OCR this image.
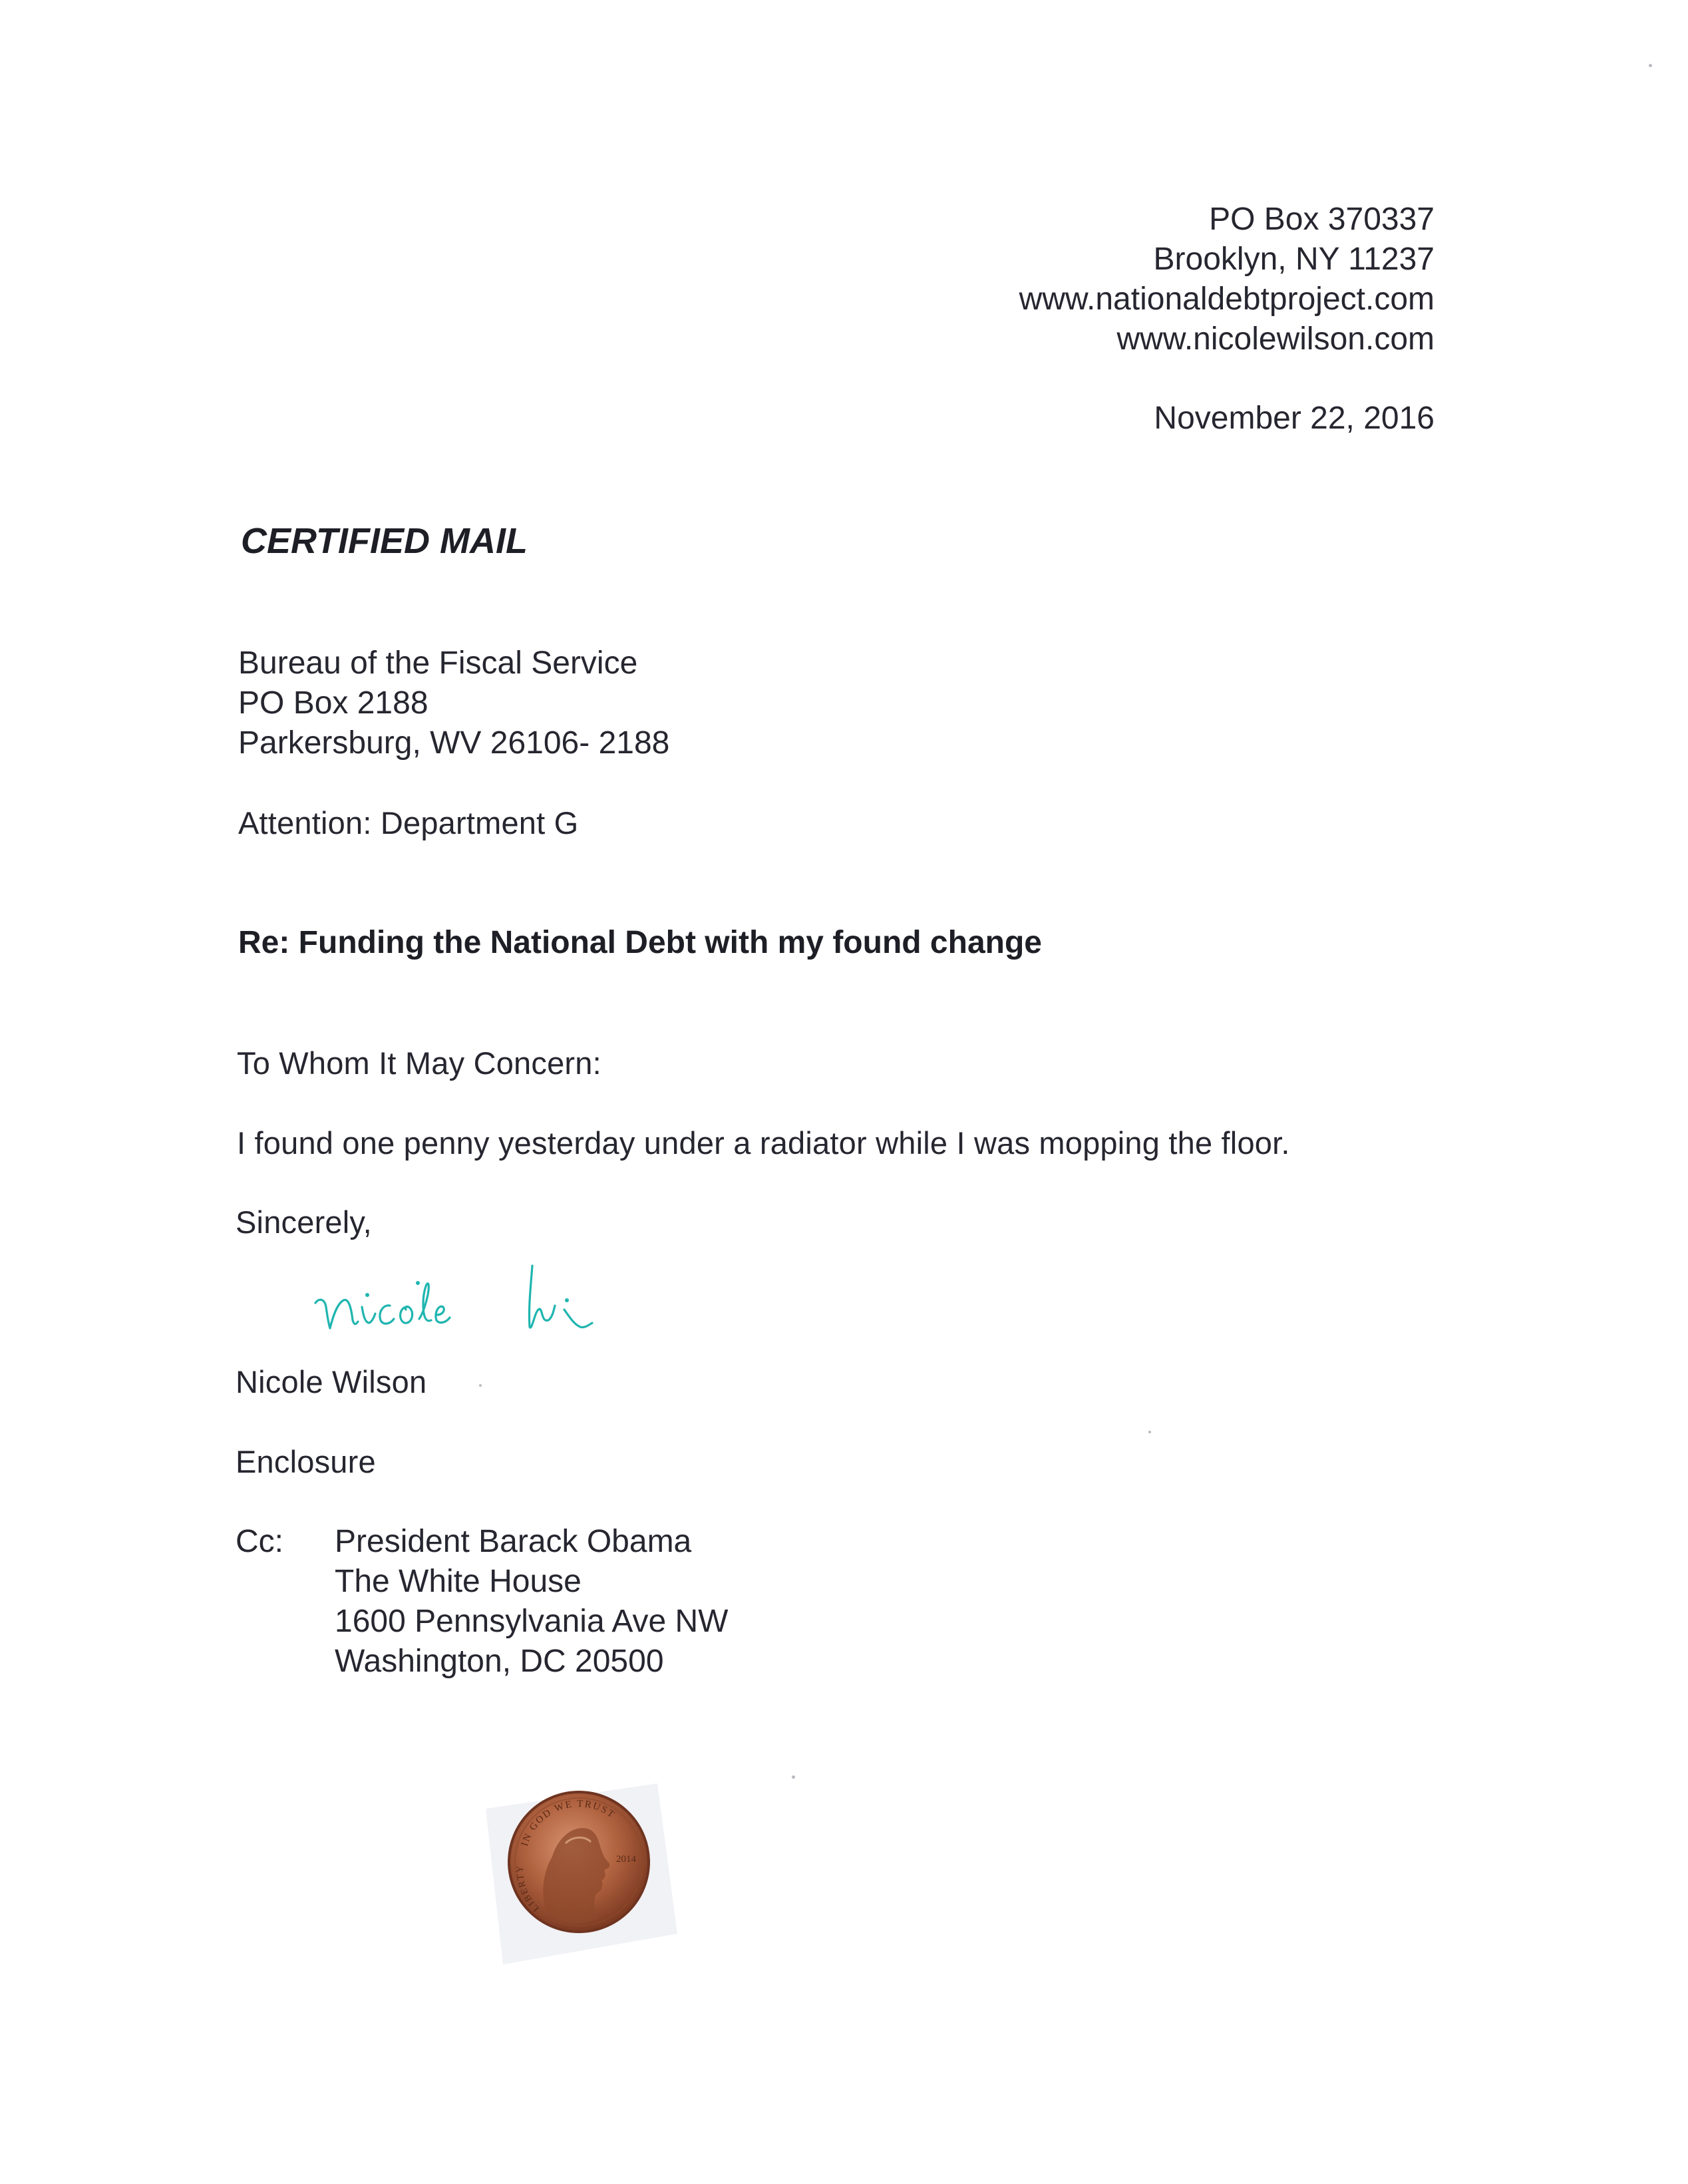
PO Box 370337
Brooklyn, NY 11237
www.nationaldebtproject.com
www.nicolewilson.com
November 22, 2016
CERTIFIED MAIL
Bureau of the Fiscal Service
PO Box 2188
Parkersburg, WV 26106- 2188
Attention: Department G
Re: Funding the National Debt with my found change
To Whom It May Concern:
I found one penny yesterday under a radiator while I was mopping the floor.
Sincerely,
Nicole Wilson
Enclosure
Cc: President Barack Obama
The White House
1600 Pennsylvania Ave NW
Washington, DC 20500
IN GOD WE TRUST
LIBERTY
2014
